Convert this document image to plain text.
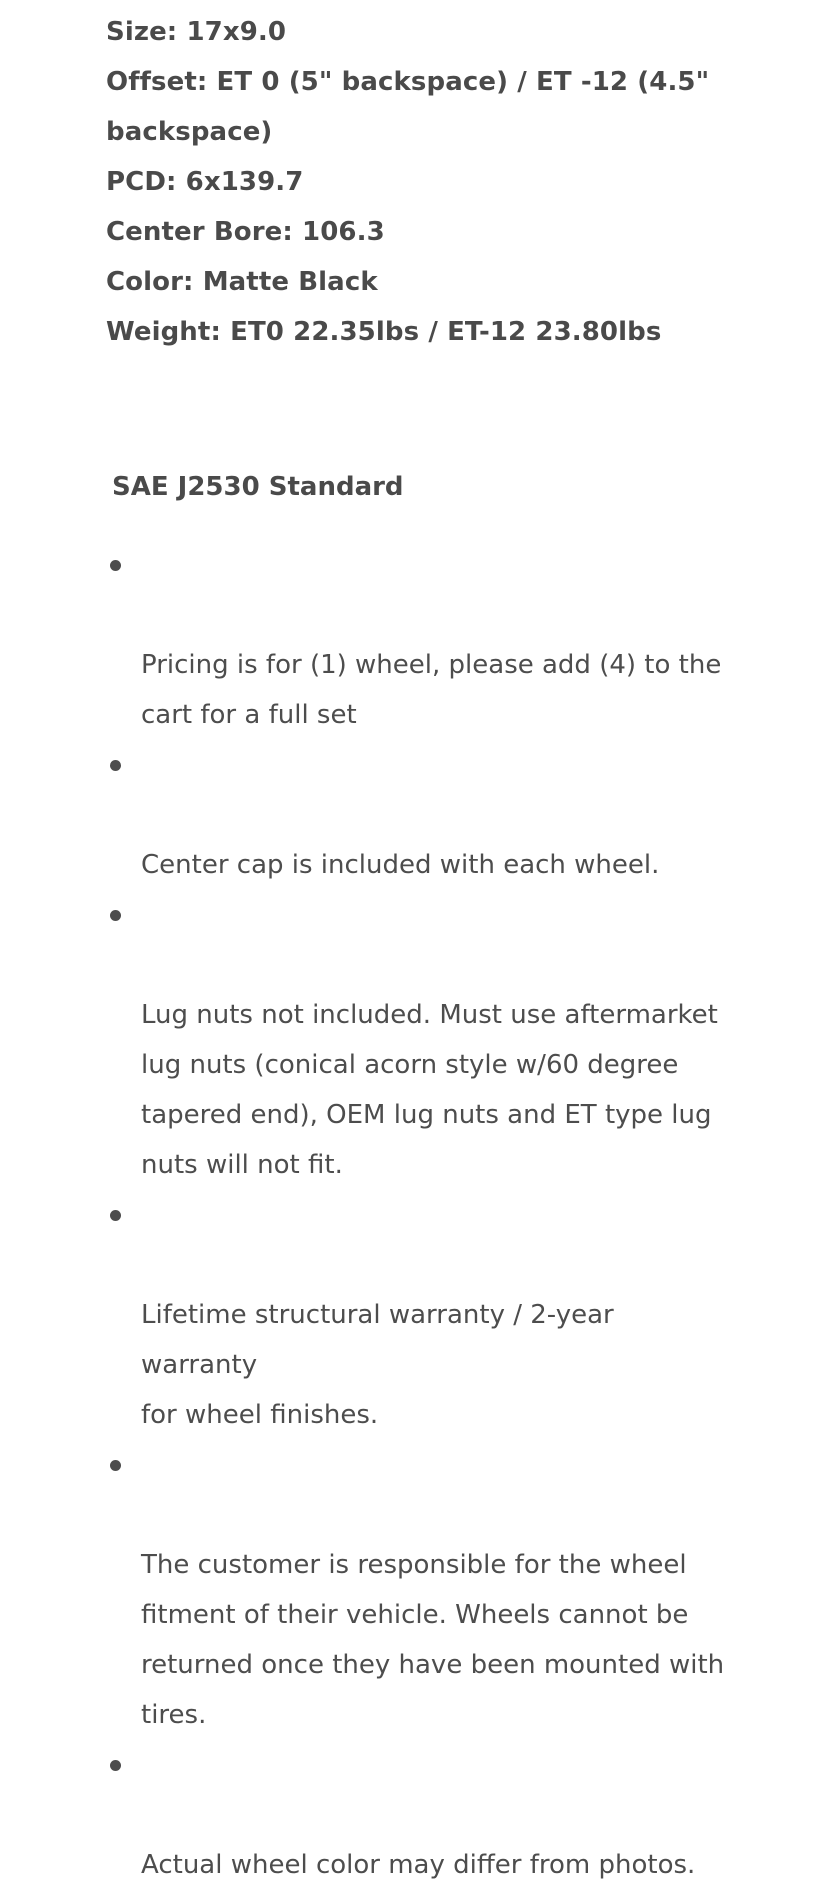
Size: 17x9.0
Offset: ET 0 (5" backspace) / ET -12 (4.5"
backspace)
PCD: 6x139.7
Center Bore: 106.3
Color: Matte Black
Weight: ET0 22.35lbs / ET-12 23.80lbs
SAE J2530 Standard

Pricing is for (1) wheel, please add (4) to the
cart for a full set

Center cap is included with each wheel.

Lug nuts not included. Must use aftermarket
lug nuts (conical acorn style w/60 degree
tapered end), OEM lug nuts and ET type lug
nuts will not fit.

Lifetime structural warranty / 2-year warranty
for wheel finishes.

The customer is responsible for the wheel
fitment of their vehicle. Wheels cannot be
returned once they have been mounted with
tires.

Actual wheel color may differ from photos.
